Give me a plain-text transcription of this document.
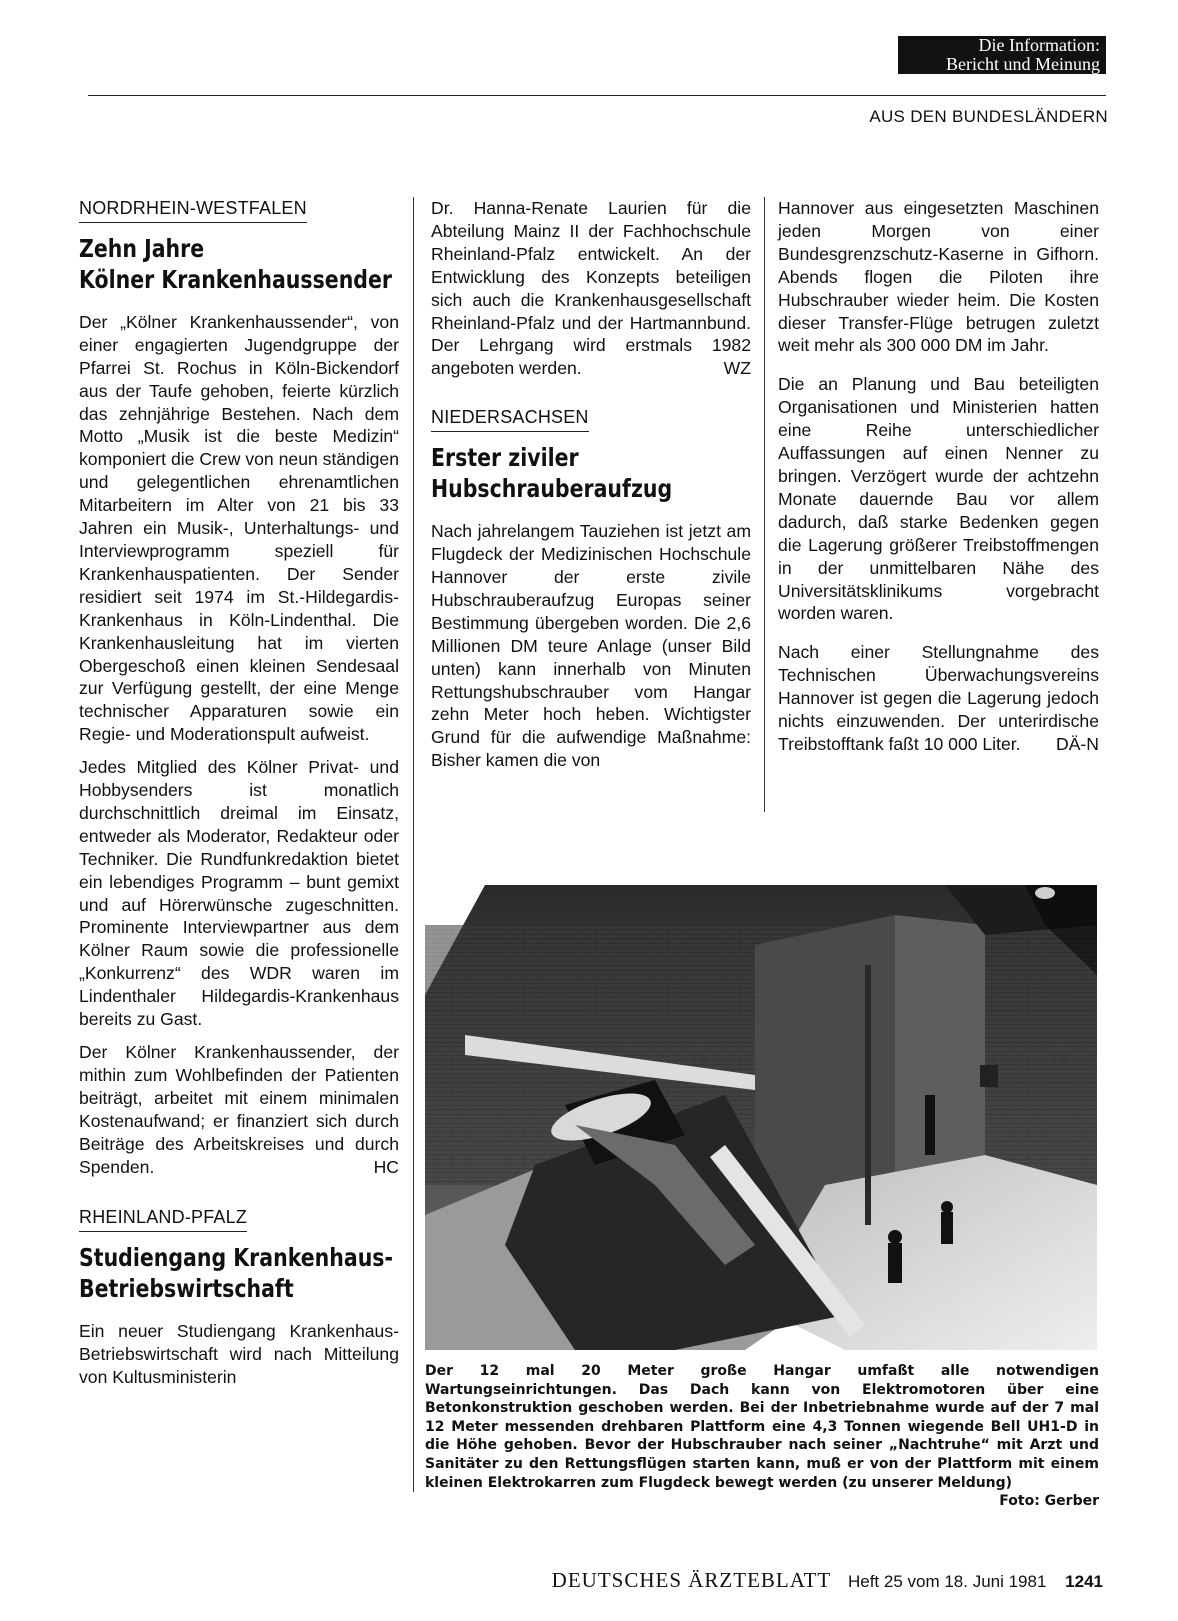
Die Information:
Bericht und Meinung
AUS DEN BUNDESLÄNDERN
NORDRHEIN-WESTFALEN
Zehn Jahre
Kölner Krankenhaussender

Der „Kölner Krankenhaussender“, von einer engagierten Jugendgruppe der Pfarrei St. Rochus in Köln-Bickendorf aus der Taufe gehoben, feierte kürzlich das zehnjährige Bestehen. Nach dem Motto „Musik ist die beste Medizin“ komponiert die Crew von neun ständigen und gelegentlichen ehrenamtlichen Mitarbeitern im Alter von 21 bis 33 Jahren ein Musik-, Unterhaltungs- und Interviewprogramm speziell für Krankenhauspatienten. Der Sender residiert seit 1974 im St.-Hildegardis-Krankenhaus in Köln-Lindenthal. Die Krankenhausleitung hat im vierten Obergeschoß einen kleinen Sendesaal zur Verfügung gestellt, der eine Menge technischer Apparaturen sowie ein Regie- und Moderationspult aufweist.

Jedes Mitglied des Kölner Privat- und Hobbysenders ist monatlich durchschnittlich dreimal im Einsatz, entweder als Moderator, Redakteur oder Techniker. Die Rundfunkredaktion bietet ein lebendiges Programm – bunt gemixt und auf Hörerwünsche zugeschnitten. Prominente Interviewpartner aus dem Kölner Raum sowie die professionelle „Konkurrenz“ des WDR waren im Lindenthaler Hildegardis-Krankenhaus bereits zu Gast.

Der Kölner Krankenhaussender, der mithin zum Wohlbefinden der Patienten beiträgt, arbeitet mit einem minimalen Kostenaufwand; er finanziert sich durch Beiträge des Arbeitskreises und durch Spenden.	HC

RHEINLAND-PFALZ
Studiengang Krankenhaus-
Betriebswirtschaft

Ein neuer Studiengang Krankenhaus-Betriebswirtschaft wird nach Mitteilung von Kultusministerin

Dr. Hanna-Renate Laurien für die Abteilung Mainz II der Fachhochschule Rheinland-Pfalz entwickelt. An der Entwicklung des Konzepts beteiligen sich auch die Krankenhausgesellschaft Rheinland-Pfalz und der Hartmannbund. Der Lehrgang wird erstmals 1982 angeboten werden.	WZ

NIEDERSACHSEN
Erster ziviler
Hubschrauberaufzug

Nach jahrelangem Tauziehen ist jetzt am Flugdeck der Medizinischen Hochschule Hannover der erste zivile Hubschrauberaufzug Europas seiner Bestimmung übergeben worden. Die 2,6 Millionen DM teure Anlage (unser Bild unten) kann innerhalb von Minuten Rettungshubschrauber vom Hangar zehn Meter hoch heben. Wichtigster Grund für die aufwendige Maßnahme: Bisher kamen die von

Hannover aus eingesetzten Maschinen jeden Morgen von einer Bundesgrenzschutz-Kaserne in Gifhorn. Abends flogen die Piloten ihre Hubschrauber wieder heim. Die Kosten dieser Transfer-Flüge betrugen zuletzt weit mehr als 300 000 DM im Jahr.

Die an Planung und Bau beteiligten Organisationen und Ministerien hatten eine Reihe unterschiedlicher Auffassungen auf einen Nenner zu bringen. Verzögert wurde der achtzehn Monate dauernde Bau vor allem dadurch, daß starke Bedenken gegen die Lagerung größerer Treibstoffmengen in der unmittelbaren Nähe des Universitätsklinikums vorgebracht worden waren.

Nach einer Stellungnahme des Technischen Überwachungsvereins Hannover ist gegen die Lagerung jedoch nichts einzuwenden. Der unterirdische Treibstofftank faßt 10 000 Liter. DÄ-N

Der 12 mal 20 Meter große Hangar umfaßt alle notwendigen Wartungseinrichtungen. Das Dach kann von Elektromotoren über eine Betonkonstruktion geschoben werden. Bei der Inbetriebnahme wurde auf der 7 mal 12 Meter messenden drehbaren Plattform eine 4,3 Tonnen wiegende Bell UH1-D in die Höhe gehoben. Bevor der Hubschrauber nach seiner „Nachtruhe“ mit Arzt und Sanitäter zu den Rettungsflügen starten kann, muß er von der Plattform mit einem kleinen Elektrokarren zum Flugdeck bewegt werden (zu unserer Meldung)
Foto: Gerber
DEUTSCHES ÄRZTEBLATT Heft 25 vom 18. Juni 1981 1241
